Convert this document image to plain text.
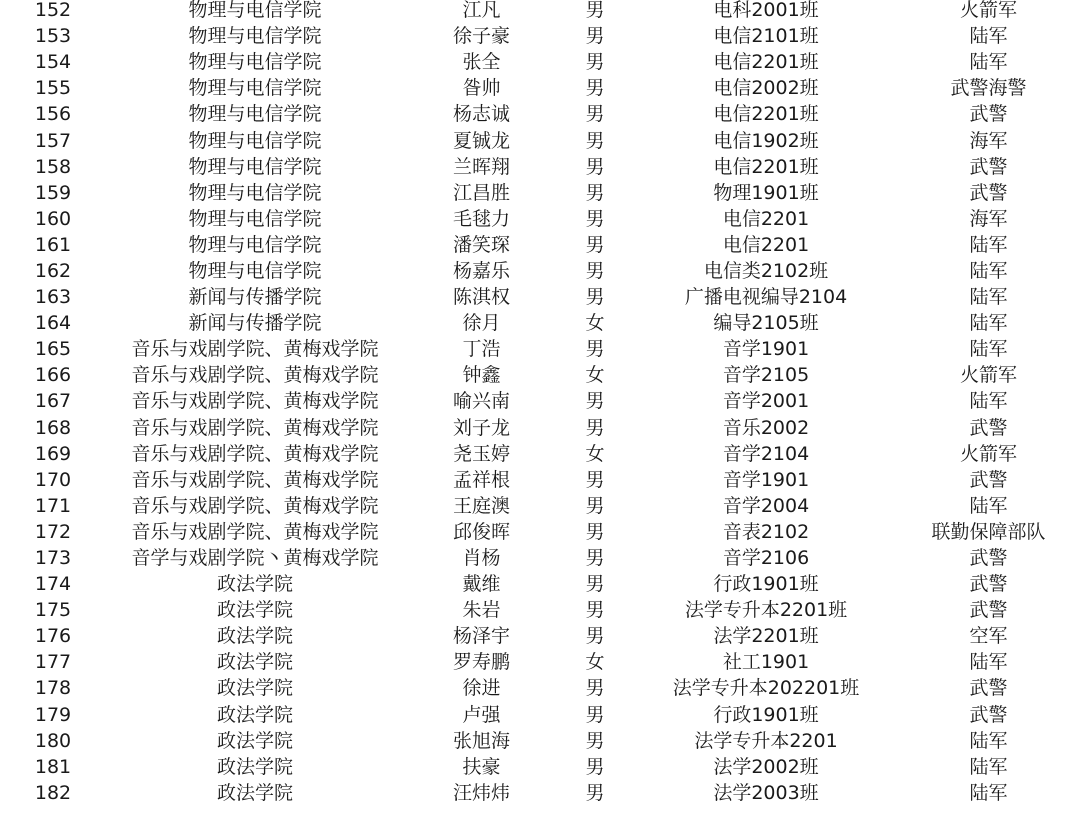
152	物理与电信学院	江凡	男	电科2001班	火箭军
153	物理与电信学院	徐子豪	男	电信2101班	陆军
154	物理与电信学院	张全	男	电信2201班	陆军
155	物理与电信学院	昝帅	男	电信2002班	武警海警
156	物理与电信学院	杨志诚	男	电信2201班	武警
157	物理与电信学院	夏铖龙	男	电信1902班	海军
158	物理与电信学院	兰晖翔	男	电信2201班	武警
159	物理与电信学院	江昌胜	男	物理1901班	武警
160	物理与电信学院	毛毬力	男	电信2201	海军
161	物理与电信学院	潘笑琛	男	电信2201	陆军
162	物理与电信学院	杨嘉乐	男	电信类2102班	陆军
163	新闻与传播学院	陈淇权	男	广播电视编导2104	陆军
164	新闻与传播学院	徐月	女	编导2105班	陆军
165	音乐与戏剧学院、黄梅戏学院	丁浩	男	音学1901	陆军
166	音乐与戏剧学院、黄梅戏学院	钟鑫	女	音学2105	火箭军
167	音乐与戏剧学院、黄梅戏学院	喻兴南	男	音学2001	陆军
168	音乐与戏剧学院、黄梅戏学院	刘子龙	男	音乐2002	武警
169	音乐与戏剧学院、黄梅戏学院	尧玉婷	女	音学2104	火箭军
170	音乐与戏剧学院、黄梅戏学院	孟祥根	男	音学1901	武警
171	音乐与戏剧学院、黄梅戏学院	王庭澳	男	音学2004	陆军
172	音乐与戏剧学院、黄梅戏学院	邱俊晖	男	音表2102	联勤保障部队
173	音学与戏剧学院丶黄梅戏学院	肖杨	男	音学2106	武警
174	政法学院	戴维	男	行政1901班	武警
175	政法学院	朱岩	男	法学专升本2201班	武警
176	政法学院	杨泽宇	男	法学2201班	空军
177	政法学院	罗寿鹏	女	社工1901	陆军
178	政法学院	徐进	男	法学专升本202201班	武警
179	政法学院	卢强	男	行政1901班	武警
180	政法学院	张旭海	男	法学专升本2201	陆军
181	政法学院	扶豪	男	法学2002班	陆军
182	政法学院	汪炜炜	男	法学2003班	陆军
